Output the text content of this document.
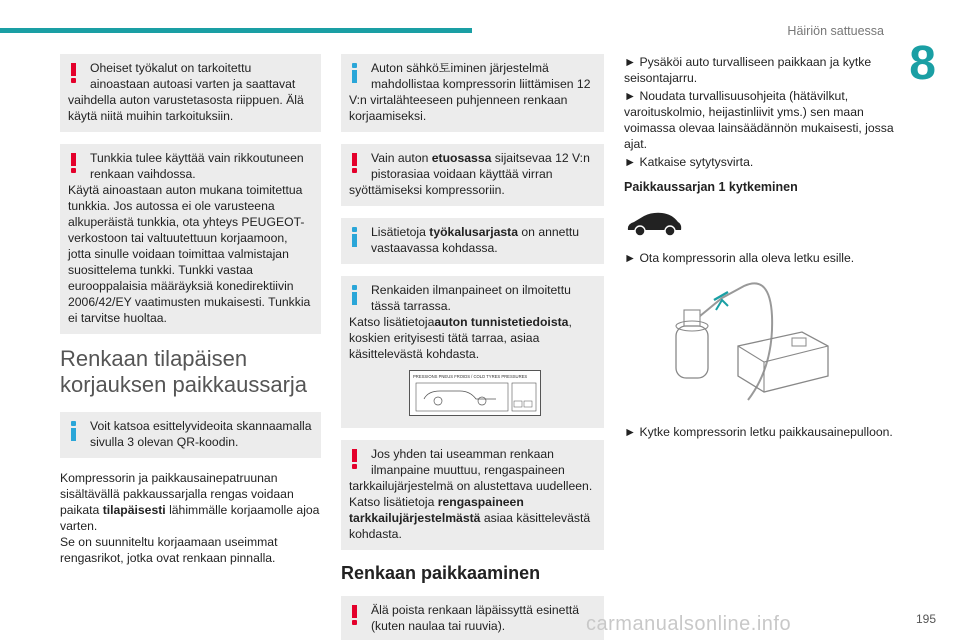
Häiriön sattuessa
8
Oheiset työkalut on tarkoitettu ainoastaan autoasi varten ja saattavat
vaihdella auton varustetasosta riippuen. Älä käytä niitä muihin tarkoituksiin.
Tunkkia tulee käyttää vain rikkoutuneen renkaan vaihdossa.
Käytä ainoastaan auton mukana toimitettua tunkkia. Jos autossa ei ole varusteena alkuperäistä tunkkia, ota yhteys PEUGEOT-verkostoon tai valtuutettuun korjaamoon, jotta sinulle voidaan toimittaa valmistajan suosittelema tunkki. Tunkki vastaa eurooppalaisia määräyksiä konedirektiivin 2006/42/EY vaatimusten mukaisesti. Tunkkia ei tarvitse huoltaa.
Renkaan tilapäisen korjauksen paikkaussarja
Voit katsoa esittelyvideoita skannaamalla sivulla 3 olevan QR-koodin.
Kompressorin ja paikkausainepatruunan sisältävällä pakkaussarjalla rengas voidaan paikata tilapäisesti lähimmälle korjaamolle ajoa varten.
Se on suunniteltu korjaamaan useimmat rengasrikot, jotka ovat renkaan pinnalla.
Auton sähkö토iminen järjestelmä mahdollistaa kompressorin liittämisen 12
V:n virtalähteeseen puhjenneen renkaan korjaamiseksi.
Vain auton etuosassa sijaitsevaa 12 V:n pistorasiaa voidaan käyttää virran
syöttämiseksi kompressoriin.
Lisätietoja työkalusarjasta on annettu vastaavassa kohdassa.
Renkaiden ilmanpaineet on ilmoitettu tässä tarrassa.
Katso lisätietojaauton tunnistetiedoista, koskien erityisesti tätä tarraa, asiaa käsittelevästä kohdasta.
PRESSIONS PNEUS FROIDS / COLD TYRES PRESSURES
Jos yhden tai useamman renkaan ilmanpaine muuttuu, rengaspaineen
tarkkailujärjestelmä on alustettava uudelleen. Katso lisätietoja rengaspaineen tarkkailujärjestelmästä asiaa käsittelevästä kohdasta.
Renkaan paikkaaminen
Älä poista renkaan läpäissyttä esinettä (kuten naulaa tai ruuvia).
► Pysäköi auto turvalliseen paikkaan ja kytke seisontajarru.
► Noudata turvallisuusohjeita (hätävilkut, varoituskolmio, heijastinliivit yms.) sen maan voimassa olevaa lainsäädännön mukaisesti, jossa ajat.
► Katkaise sytytysvirta.
Paikkaussarjan 1 kytkeminen
► Ota kompressorin alla oleva letku esille.
► Kytke kompressorin letku paikkausainepulloon.
carmanualsonline.info	195
